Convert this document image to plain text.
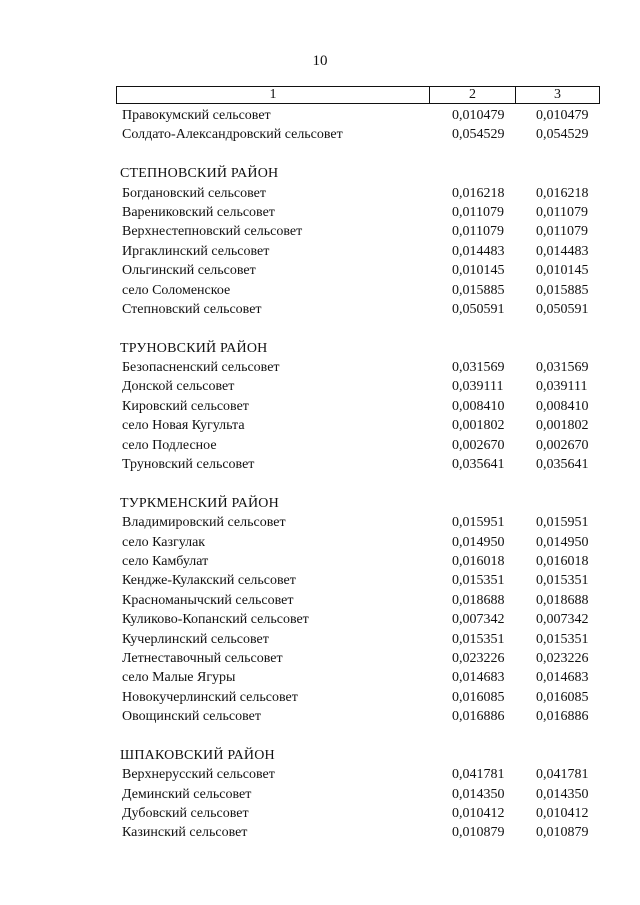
10
1	2	3
Правокумский сельсовет	0,010479 0,010479
Солдато-Александровский сельсовет	0,054529 0,054529
СТЕПНОВСКИЙ РАЙОН
Богдановский сельсовет	0,016218 0,016218
Варениковский сельсовет	0,011079 0,011079
Верхнестепновский сельсовет	0,011079 0,011079
Иргаклинский сельсовет	0,014483 0,014483
Ольгинский сельсовет	0,010145 0,010145
село Соломенское	0,015885 0,015885
Степновский сельсовет	0,050591 0,050591
ТРУНОВСКИЙ РАЙОН
Безопасненский сельсовет	0,031569 0,031569
Донской сельсовет	0,039111 0,039111
Кировский сельсовет	0,008410 0,008410
село Новая Кугульта	0,001802 0,001802
село Подлесное	0,002670 0,002670
Труновский сельсовет	0,035641 0,035641
ТУРКМЕНСКИЙ РАЙОН
Владимировский сельсовет	0,015951 0,015951
село Казгулак	0,014950 0,014950
село Камбулат	0,016018 0,016018
Кендже-Кулакский сельсовет	0,015351 0,015351
Красноманычский сельсовет	0,018688 0,018688
Куликово-Копанский сельсовет	0,007342 0,007342
Кучерлинский сельсовет	0,015351 0,015351
Летнеставочный сельсовет	0,023226 0,023226
село Малые Ягуры	0,014683 0,014683
Новокучерлинский сельсовет	0,016085 0,016085
Овощинский сельсовет	0,016886 0,016886
ШПАКОВСКИЙ РАЙОН
Верхнерусский сельсовет	0,041781 0,041781
Деминский сельсовет	0,014350 0,014350
Дубовский сельсовет	0,010412 0,010412
Казинский сельсовет	0,010879 0,010879
